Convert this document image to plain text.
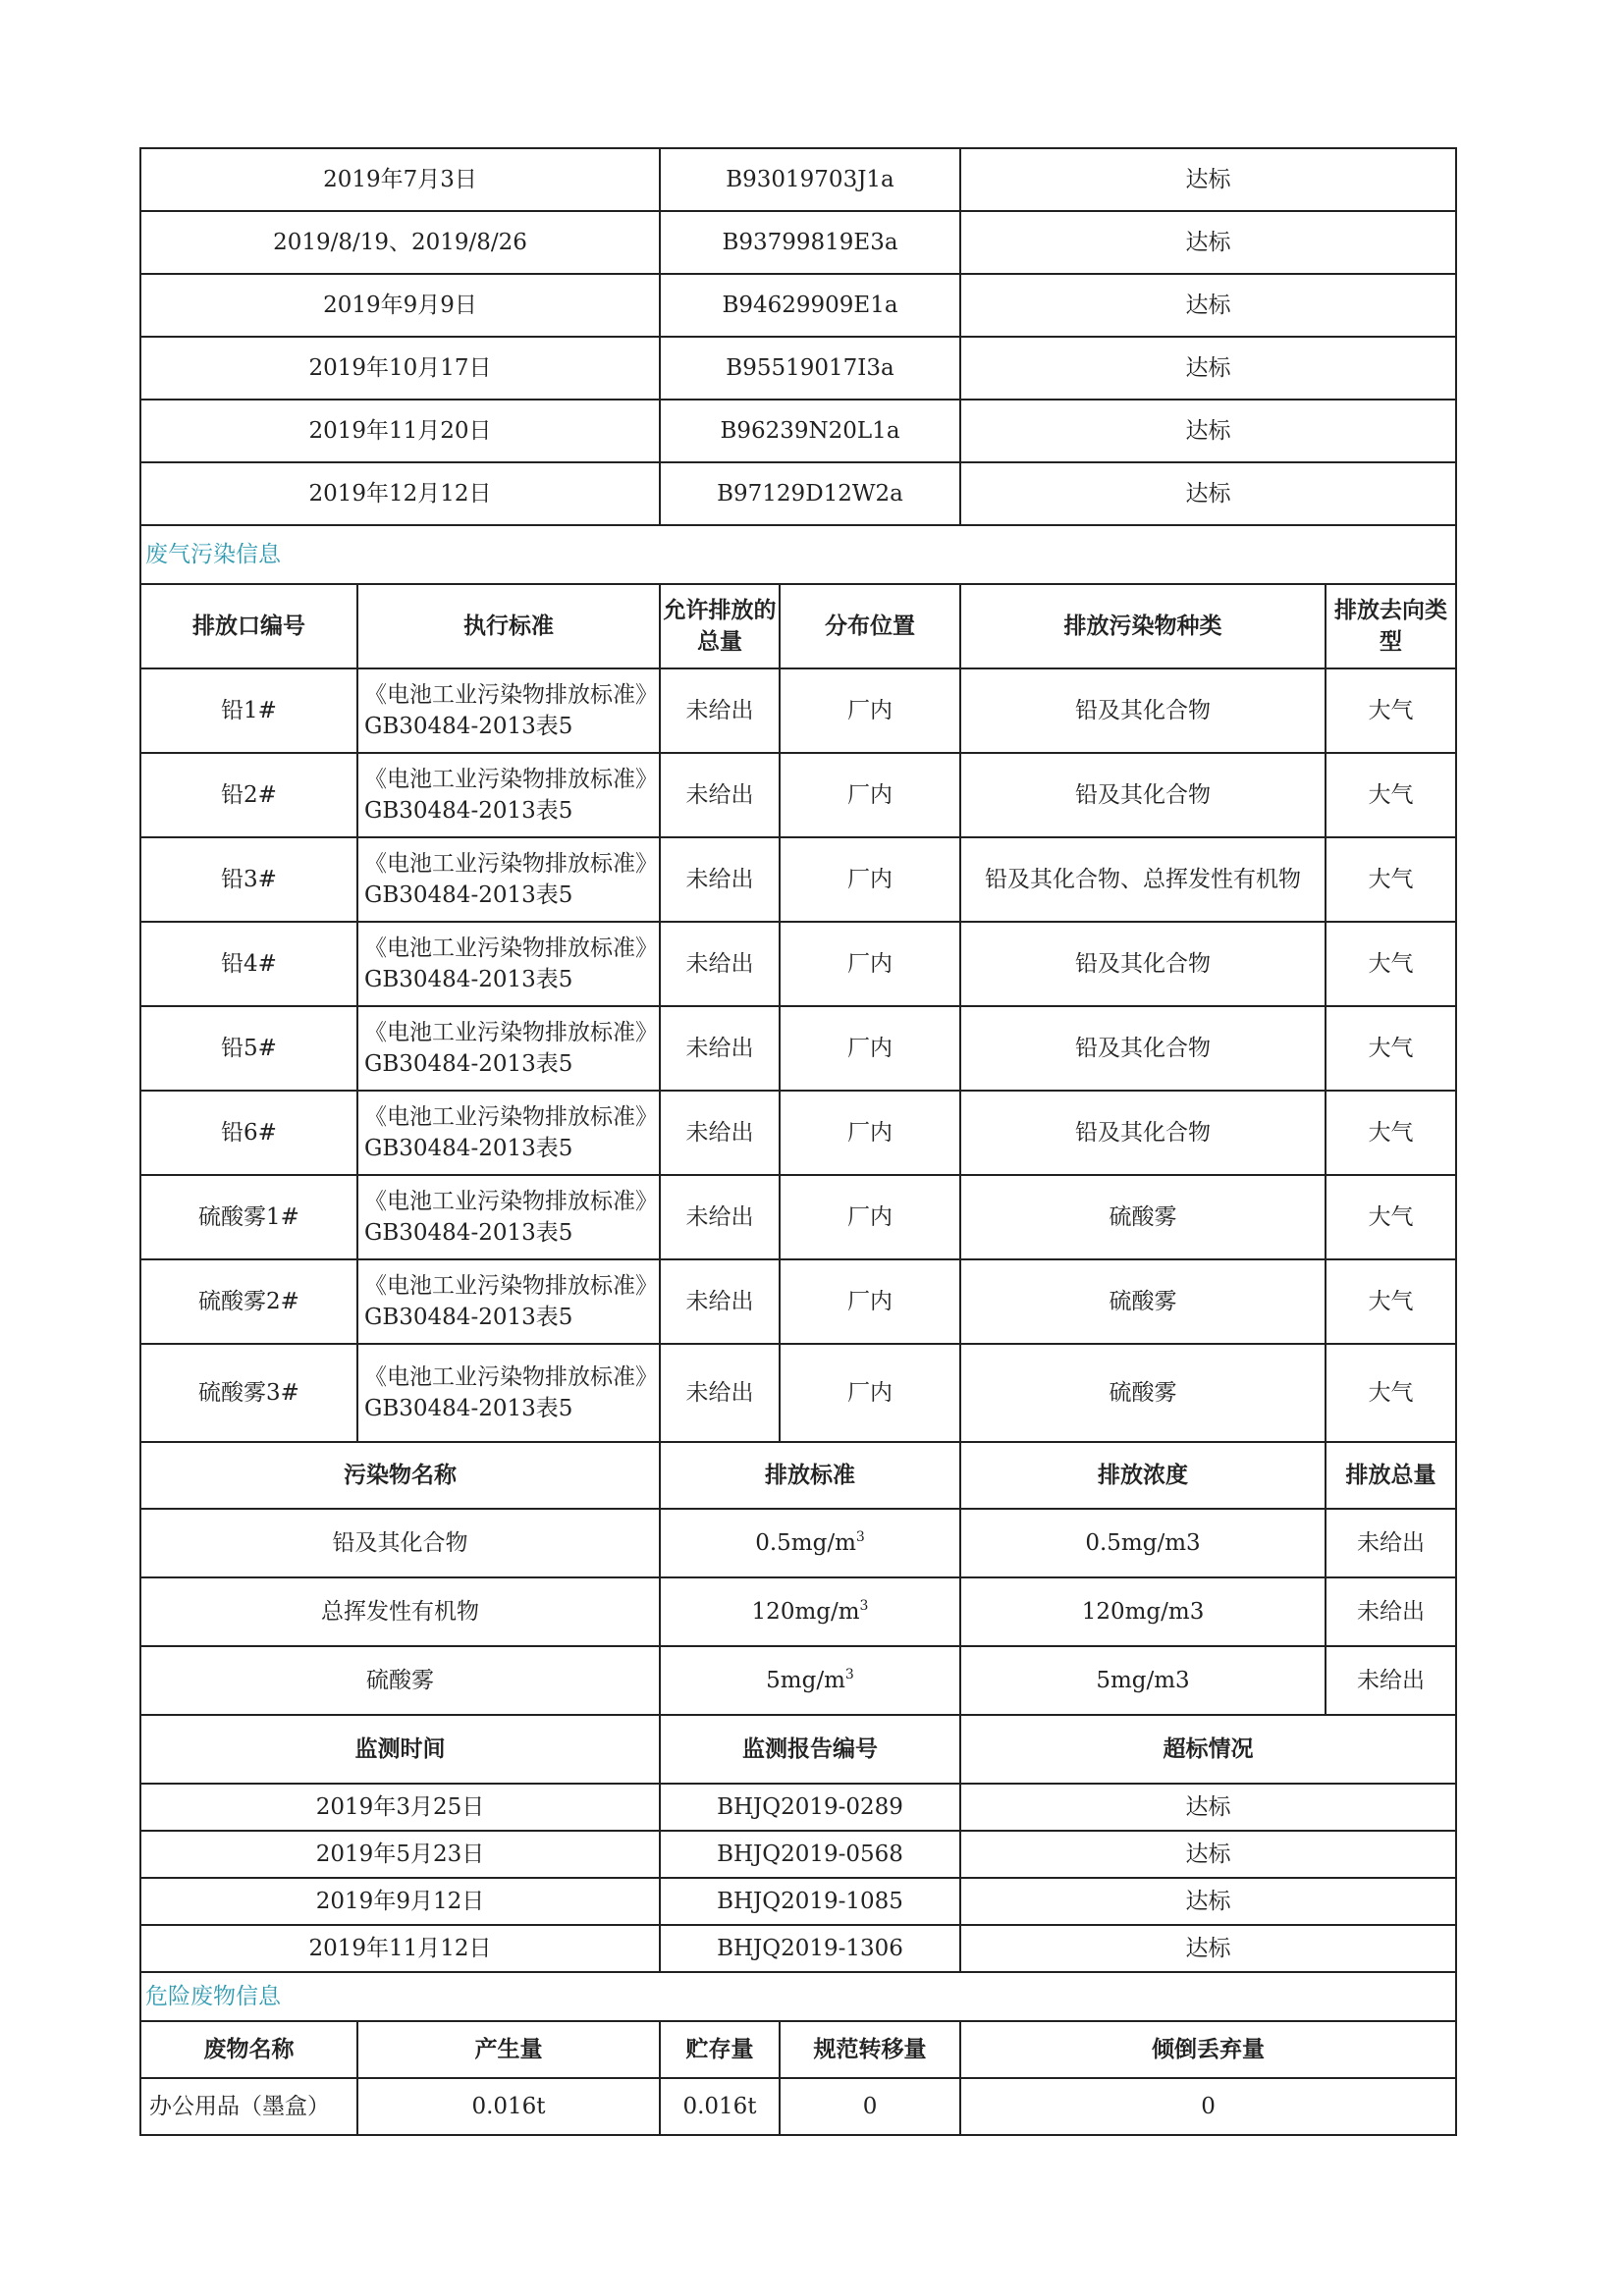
2019年7月3日		B93019703J1a		达标	
2019/8/19、2019/8/26		B93799819E3a		达标	
2019年9月9日		B94629909E1a		达标	
2019年10月17日		B95519017I3a		达标	
2019年11月20日		B96239N20L1a		达标	
2019年12月12日		B97129D12W2a		达标	
废气污染信息					
排放口编号	执行标准	允许排放的总量	分布位置	排放污染物种类	排放去向类型
铅1#	《电池工业污染物排放标准》GB30484-2013表5	未给出	厂内	铅及其化合物	大气
铅2#	《电池工业污染物排放标准》GB30484-2013表5	未给出	厂内	铅及其化合物	大气
铅3#	《电池工业污染物排放标准》GB30484-2013表5	未给出	厂内	铅及其化合物、总挥发性有机物	大气
铅4#	《电池工业污染物排放标准》GB30484-2013表5	未给出	厂内	铅及其化合物	大气
铅5#	《电池工业污染物排放标准》GB30484-2013表5	未给出	厂内	铅及其化合物	大气
铅6#	《电池工业污染物排放标准》GB30484-2013表5	未给出	厂内	铅及其化合物	大气
硫酸雾1#	《电池工业污染物排放标准》GB30484-2013表5	未给出	厂内	硫酸雾	大气
硫酸雾2#	《电池工业污染物排放标准》GB30484-2013表5	未给出	厂内	硫酸雾	大气
硫酸雾3#	《电池工业污染物排放标准》GB30484-2013表5	未给出	厂内	硫酸雾	大气
污染物名称		排放标准		排放浓度	排放总量
铅及其化合物		$0.5mg/m^3$		0.5mg/m3	未给出
总挥发性有机物		$120mg/m^3$		120mg/m3	未给出
硫酸雾		$5mg/m^3$		5mg/m3	未给出
监测时间		监测报告编号		超标情况	
2019年3月25日		BHJQ2019-0289		达标	
2019年5月23日		BHJQ2019-0568		达标	
2019年9月12日		BHJQ2019-1085		达标	
2019年11月12日		BHJQ2019-1306		达标	
危险废物信息					
废物名称	产生量	贮存量	规范转移量	倾倒丢弃量	
办公用品（墨盒）	0.016t	0.016t	0	0	
